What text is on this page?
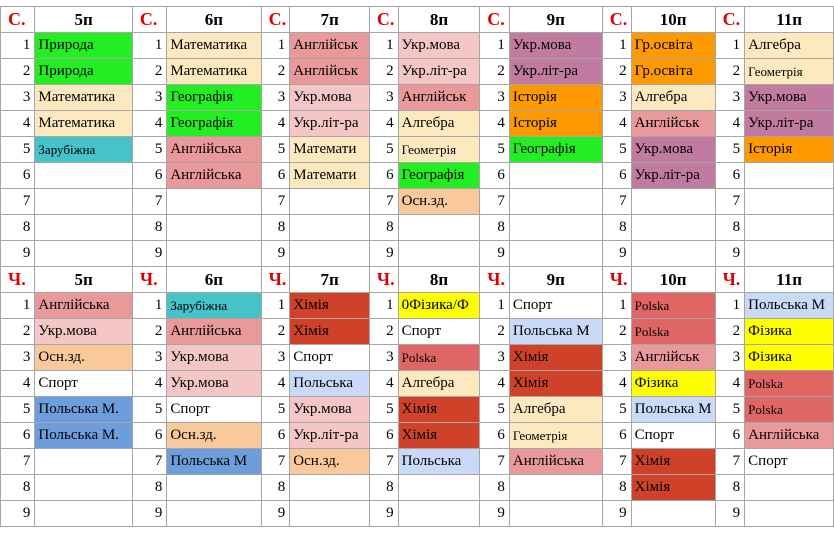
С.	5п	С.	6п	С.	7п	С.	8п	С.	9п	С.	10п	С.	11п
1	Природа	1	Математика	1	Англійськ	1	Укр.мова	1	Укр.мова	1	Гр.освіта	1	Алгебра
2	Природа	2	Математика	2	Англійськ	2	Укр.літ-ра	2	Укр.літ-ра	2	Гр.освіта	2	Геометрія
3	Математика	3	Географія	3	Укр.мова	3	Англійськ	3	Історія	3	Алгебра	3	Укр.мова
4	Математика	4	Географія	4	Укр.літ-ра	4	Алгебра	4	Історія	4	Англійськ	4	Укр.літ-ра
5	Зарубіжна	5	Англійська	5	Математи	5	Геометрія	5	Географія	5	Укр.мова	5	Історія
6		6	Англійська	6	Математи	6	Географія	6		6	Укр.літ-ра	6	
7		7		7		7	Осн.зд.	7		7		7	
8		8		8		8		8		8		8	
9		9		9		9		9		9		9	
Ч.	5п	Ч.	6п	Ч.	7п	Ч.	8п	Ч.	9п	Ч.	10п	Ч.	11п
1	Англійська	1	Зарубіжна	1	Хімія	1	0Фізика/Ф	1	Спорт	1	Polska	1	Польська М
2	Укр.мова	2	Англійська	2	Хімія	2	Спорт	2	Польська М	2	Polska	2	Фізика
3	Осн.зд.	3	Укр.мова	3	Спорт	3	Polska	3	Хімія	3	Англійськ	3	Фізика
4	Спорт	4	Укр.мова	4	Польська	4	Алгебра	4	Хімія	4	Фізика	4	Polska
5	Польська М.	5	Спорт	5	Укр.мова	5	Хімія	5	Алгебра	5	Польська М	5	Polska
6	Польська М.	6	Осн.зд.	6	Укр.літ-ра	6	Хімія	6	Геометрія	6	Спорт	6	Англійська
7		7	Польська М	7	Осн.зд.	7	Польська	7	Англійська	7	Хімія	7	Спорт
8		8		8		8		8		8	Хімія	8	
9		9		9		9		9		9		9	
